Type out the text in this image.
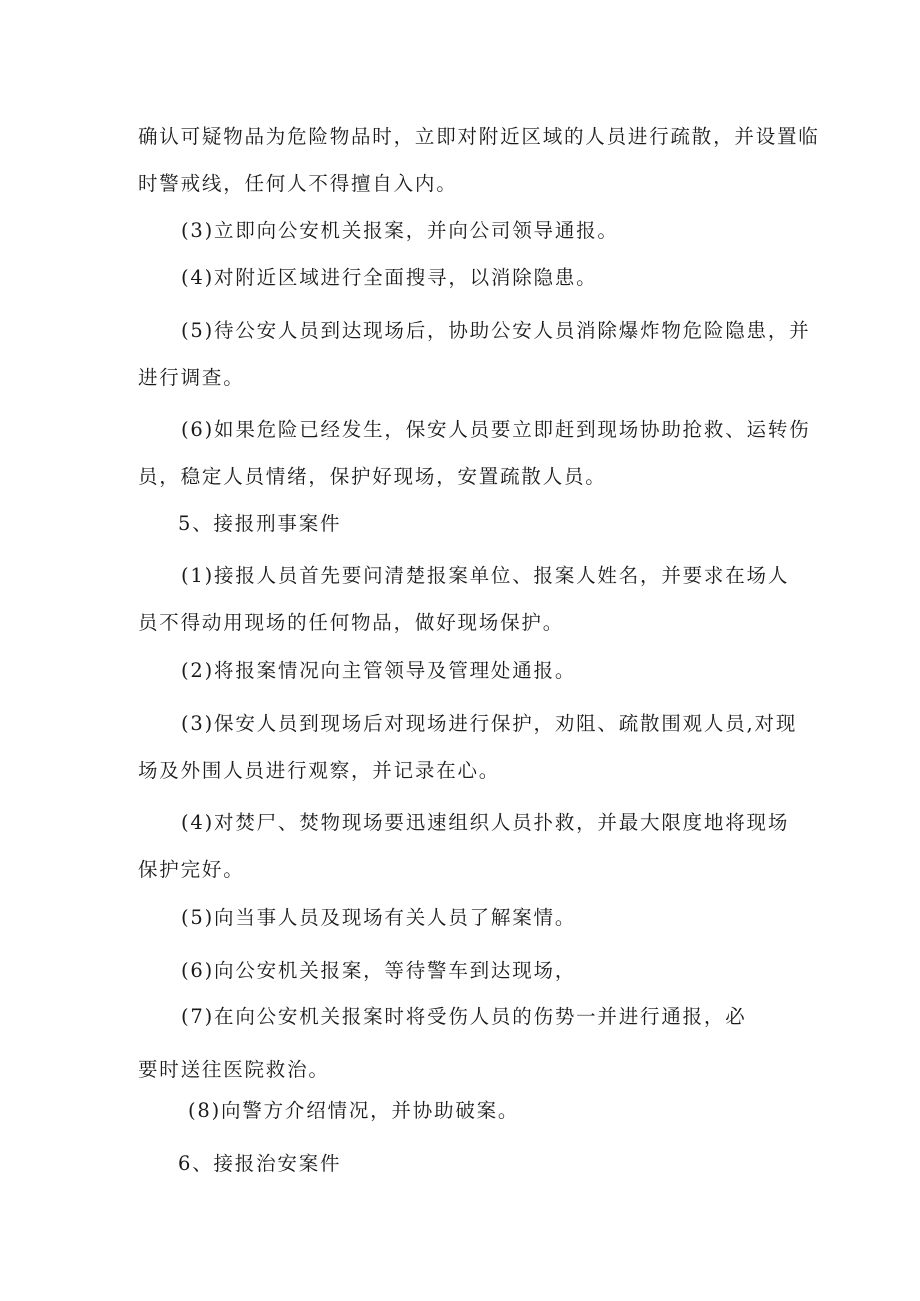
确认可疑物品为危险物品时，立即对附近区域的人员进行疏散，并设置临
时警戒线，任何人不得擅自入内。
(3)立即向公安机关报案，并向公司领导通报。
(4)对附近区域进行全面搜寻，以消除隐患。
(5)待公安人员到达现场后，协助公安人员消除爆炸物危险隐患，并
进行调查。
(6)如果危险已经发生，保安人员要立即赶到现场协助抢救、运转伤
员，稳定人员情绪，保护好现场，安置疏散人员。
5、接报刑事案件
(1)接报人员首先要问清楚报案单位、报案人姓名，并要求在场人
员不得动用现场的任何物品，做好现场保护。
(2)将报案情况向主管领导及管理处通报。
(3)保安人员到现场后对现场进行保护，劝阻、疏散围观人员,对现
场及外围人员进行观察，并记录在心。
(4)对焚尸、焚物现场要迅速组织人员扑救，并最大限度地将现场
保护完好。
(5)向当事人员及现场有关人员了解案情。
(6)向公安机关报案，等待警车到达现场，
(7)在向公安机关报案时将受伤人员的伤势一并进行通报，必
要时送往医院救治。
(8)向警方介绍情况，并协助破案。
6、接报治安案件
